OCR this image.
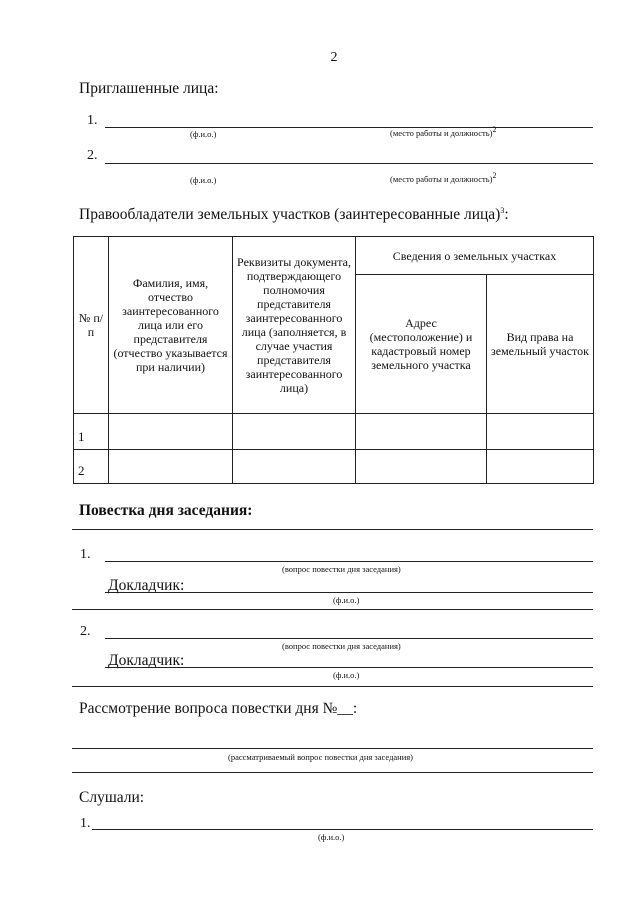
2
Приглашенные лица:
1.
(ф.и.о.)	(место работы и должность)2
2.
(ф.и.о.)	(место работы и должность)2
Правообладатели земельных участков (заинтересованные лица)$^3$:
№ п/п	Фамилия, имя, отчество заинтересованного лица или его представителя (отчество указывается при наличии)	Реквизиты документа, подтверждающего полномочия представителя заинтересованного лица (заполняется, в случае участия представителя заинтересованного лица)	Сведения о земельных участках	
			Адрес (местоположение) и кадастровый номер земельного участка	Вид права на земельный участок
1				
2				
Повестка дня заседания:
1.
(вопрос повестки дня заседания)
Докладчик:
(ф.и.о.)
2.
(вопрос повестки дня заседания)
Докладчик:
(ф.и.о.)
Рассмотрение вопроса повестки дня №__:
(рассматриваемый вопрос повестки дня заседания)
Слушали:
1.
(ф.и.о.)
